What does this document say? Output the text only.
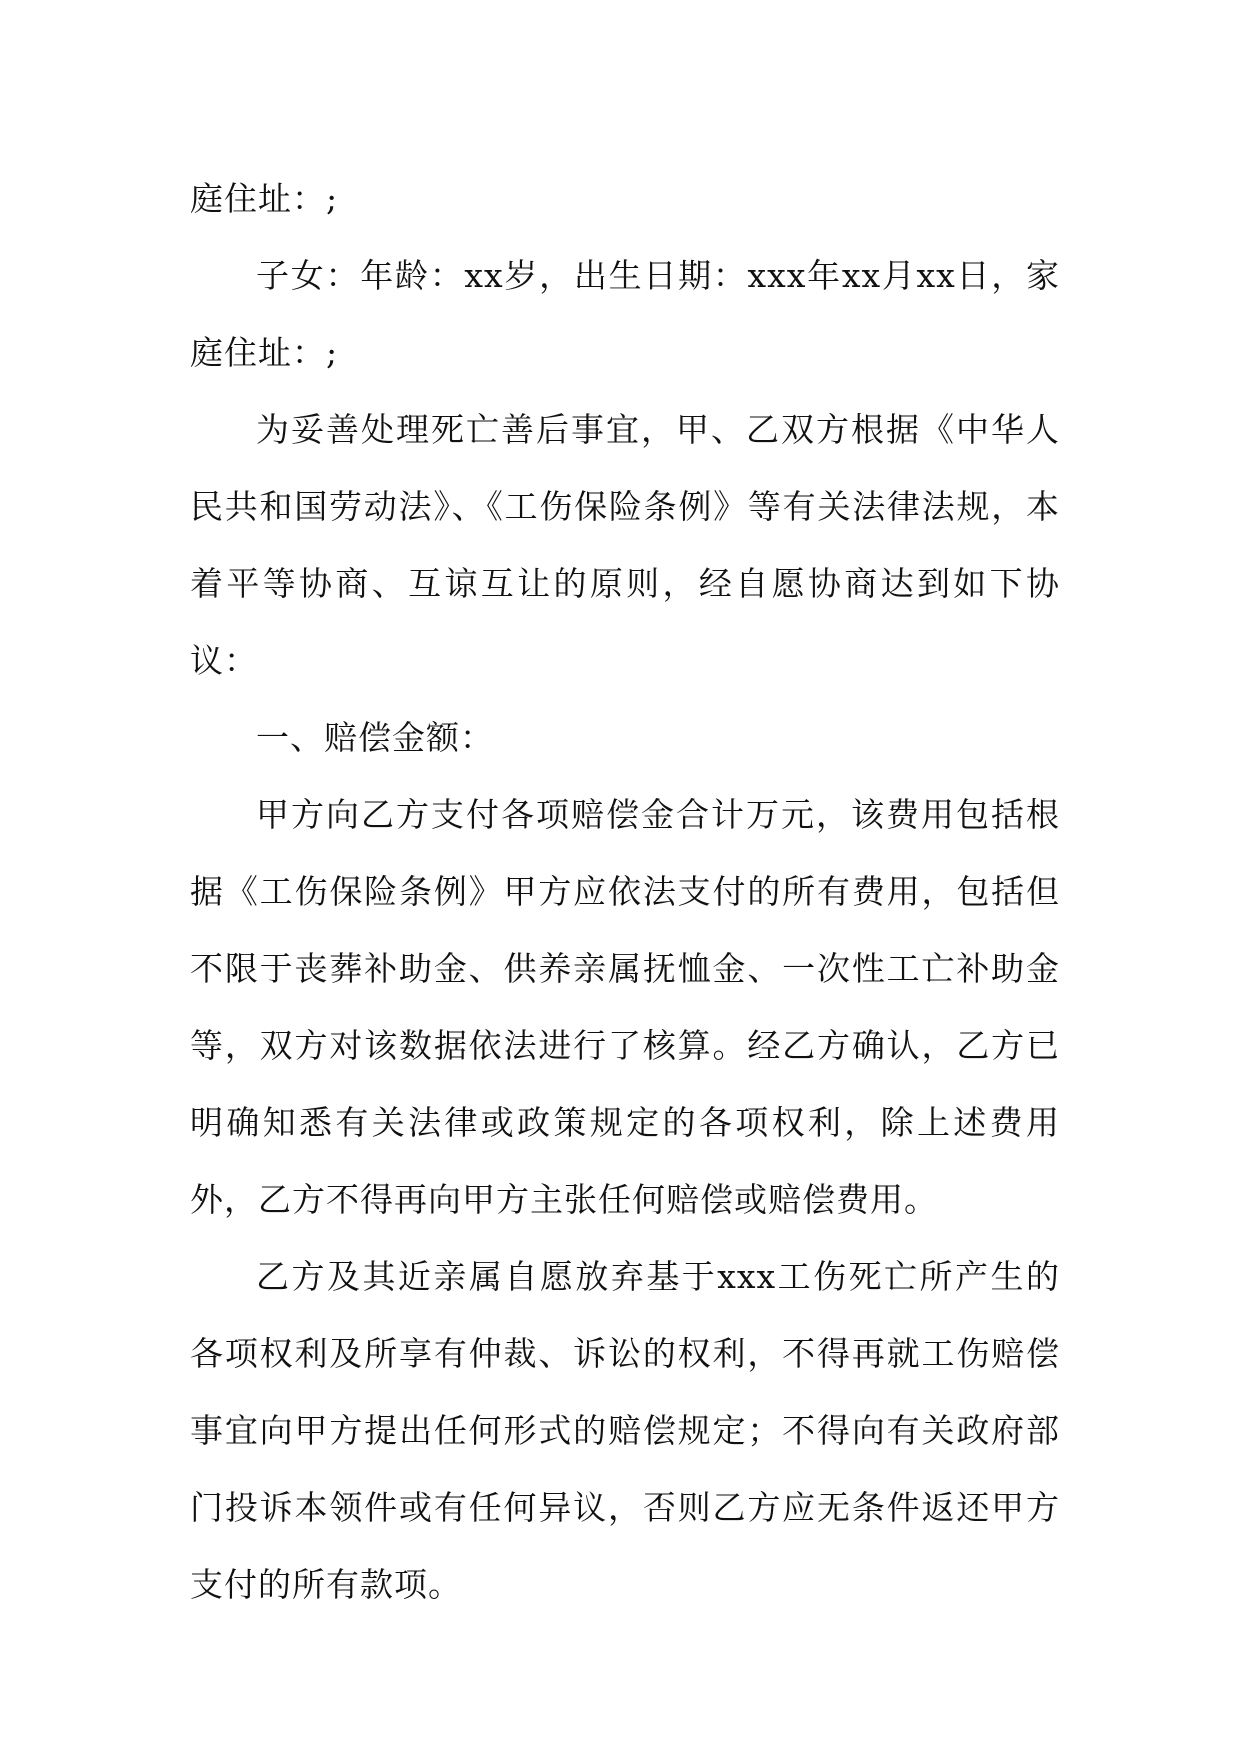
庭住址：;

子女：年龄：xx岁，出生日期：xxx年xx月xx日，家庭住址：;

为妥善处理死亡善后事宜，甲、乙双方根据《中华人民共和国劳动法》、《工伤保险条例》等有关法律法规，本着平等协商、互谅互让的原则，经自愿协商达到如下协议：

一、赔偿金额：

甲方向乙方支付各项赔偿金合计万元，该费用包括根据《工伤保险条例》甲方应依法支付的所有费用，包括但不限于丧葬补助金、供养亲属抚恤金、一次性工亡补助金等，双方对该数据依法进行了核算。经乙方确认，乙方已明确知悉有关法律或政策规定的各项权利，除上述费用外，乙方不得再向甲方主张任何赔偿或赔偿费用。

乙方及其近亲属自愿放弃基于xxx工伤死亡所产生的各项权利及所享有仲裁、诉讼的权利，不得再就工伤赔偿事宜向甲方提出任何形式的赔偿规定；不得向有关政府部门投诉本领件或有任何异议，否则乙方应无条件返还甲方支付的所有款项。
